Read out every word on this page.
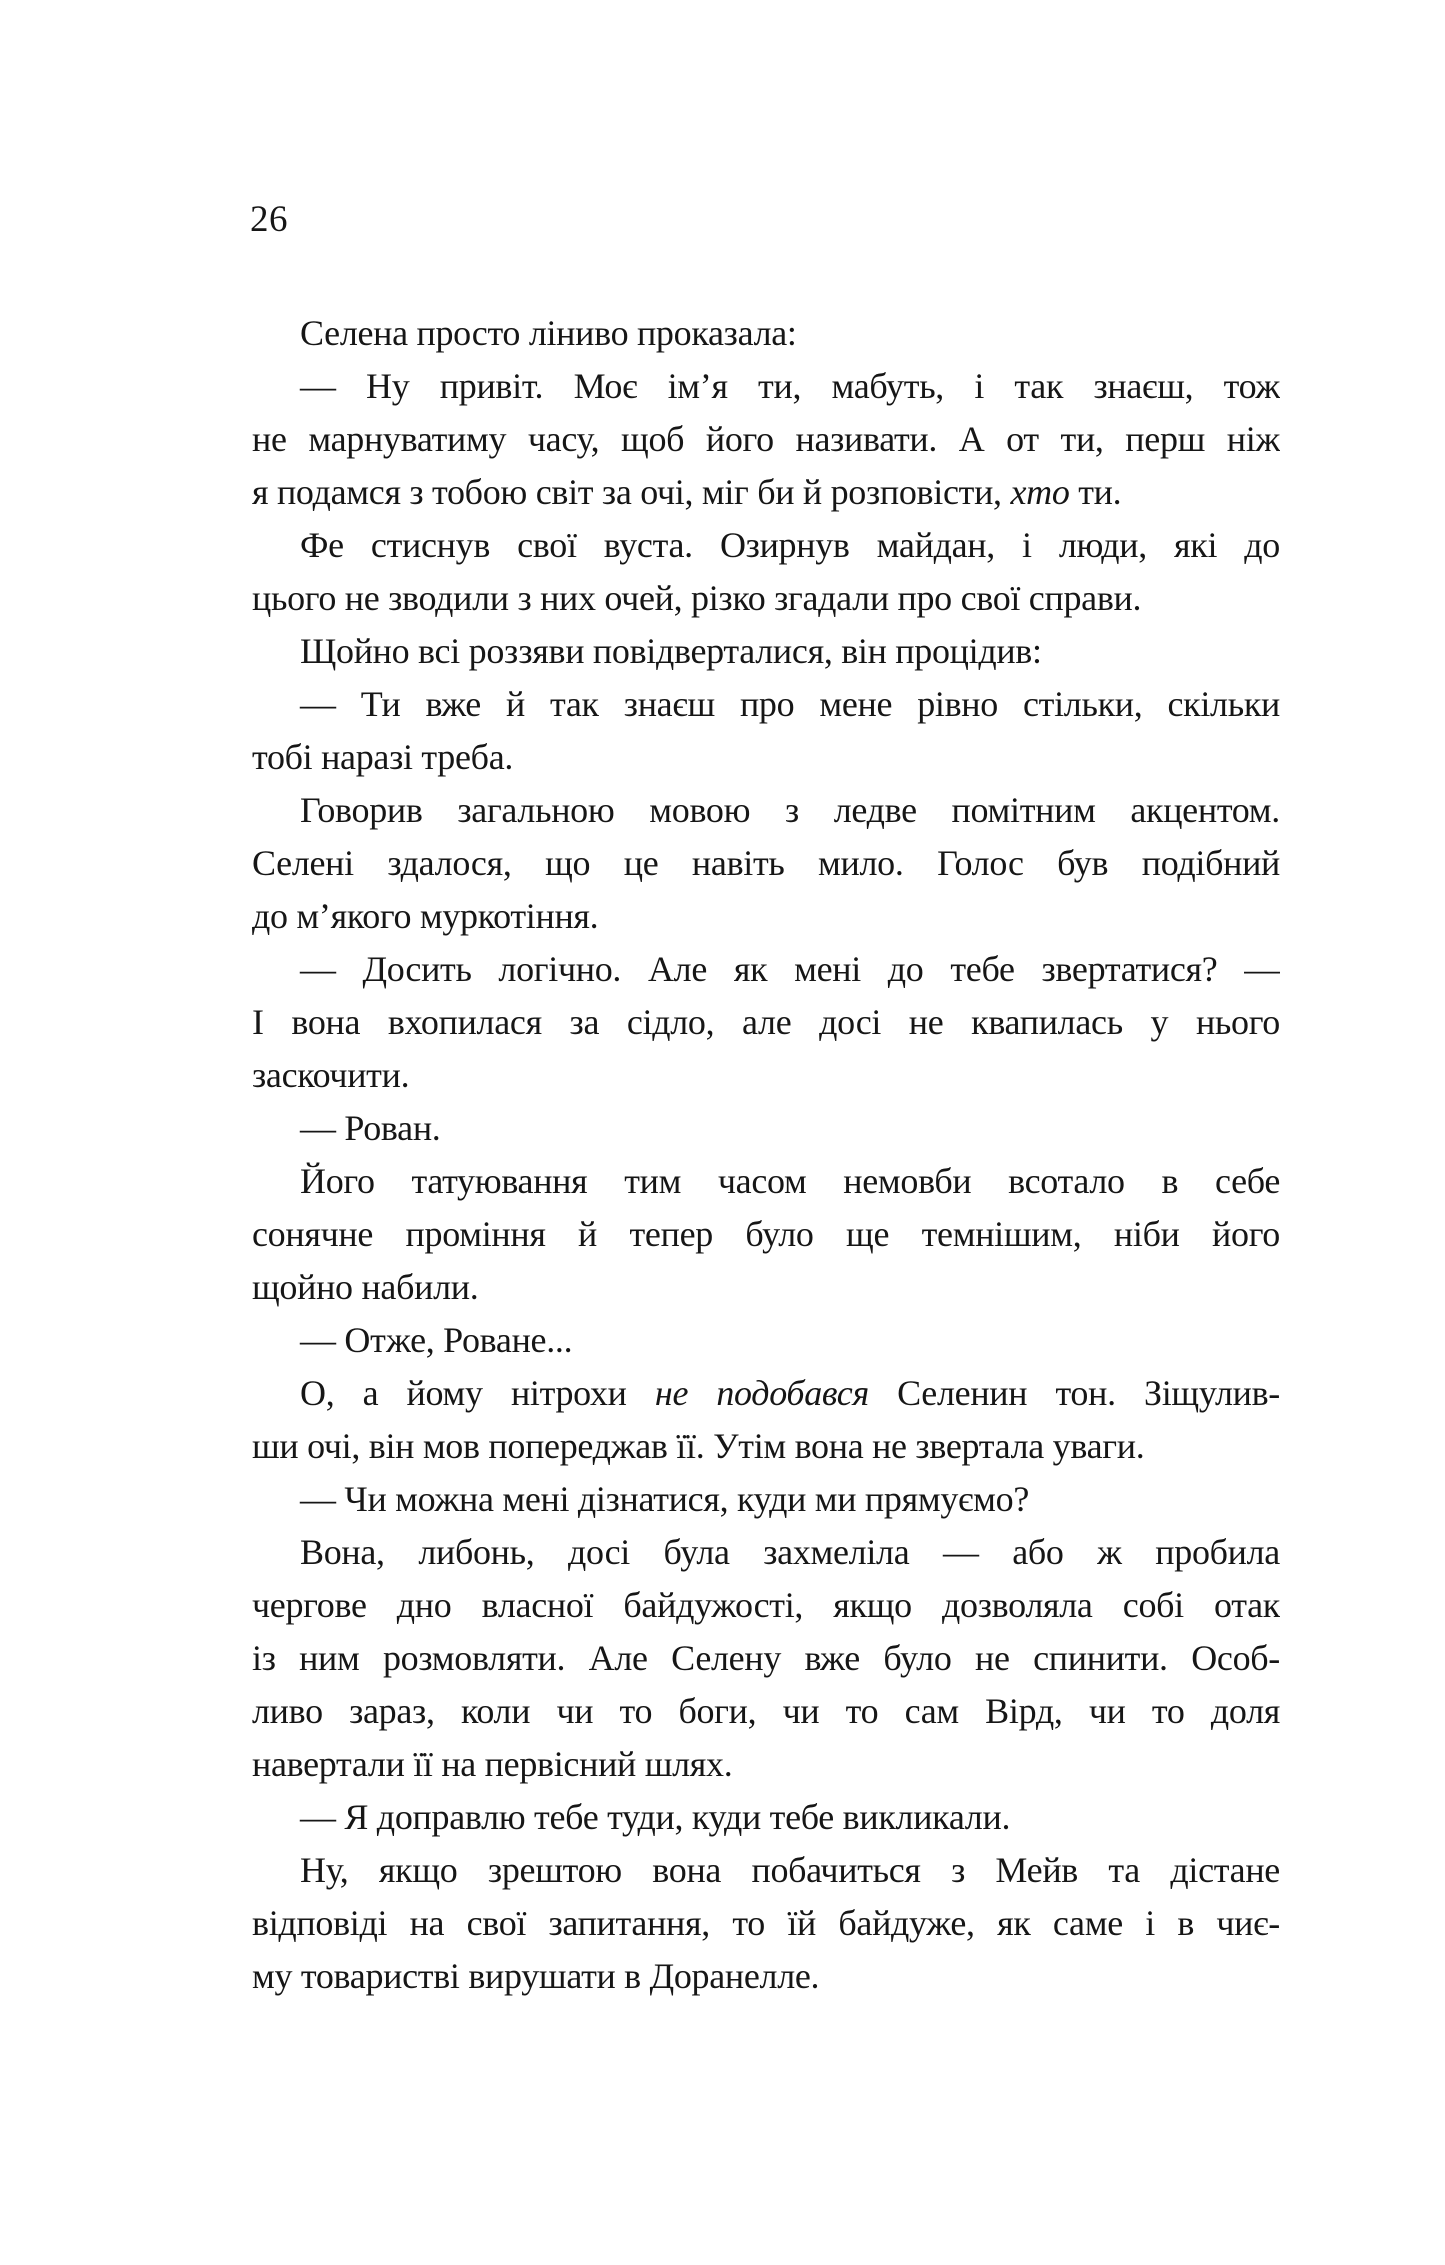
26
Селена просто ліниво проказала:
— Ну привіт. Моє ім’я ти, мабуть, і так знаєш, тож
не марнуватиму часу, щоб його називати. А от ти, перш ніж
я подамся з тобою світ за очі, міг би й розповісти, хто ти.
Фе стиснув свої вуста. Озирнув майдан, і люди, які до
цього не зводили з них очей, різко згадали про свої справи.
Щойно всі роззяви повідверталися, він процідив:
— Ти вже й так знаєш про мене рівно стільки, скільки
тобі наразі треба.
Говорив загальною мовою з ледве помітним акцентом.
Селені здалося, що це навіть мило. Голос був подібний
до м’якого муркотіння.
— Досить логічно. Але як мені до тебе звертатися? —
І вона вхопилася за сідло, але досі не квапилась у нього
заскочити.
— Рован.
Його татуювання тим часом немовби всотало в себе
сонячне проміння й тепер було ще темнішим, ніби його
щойно набили.
— Отже, Роване...
О, а йому нітрохи не подобався Селенин тон. Зіщулив-
ши очі, він мов попереджав її. Утім вона не звертала уваги.
— Чи можна мені дізнатися, куди ми прямуємо?
Вона, либонь, досі була захмеліла — або ж пробила
чергове дно власної байдужості, якщо дозволяла собі отак
із ним розмовляти. Але Селену вже було не спинити. Особ-
ливо зараз, коли чи то боги, чи то сам Вірд, чи то доля
навертали її на первісний шлях.
— Я доправлю тебе туди, куди тебе викликали.
Ну, якщо зрештою вона побачиться з Мейв та дістане
відповіді на свої запитання, то їй байдуже, як саме і в чиє-
му товариствi вирушати в Доранелле.
